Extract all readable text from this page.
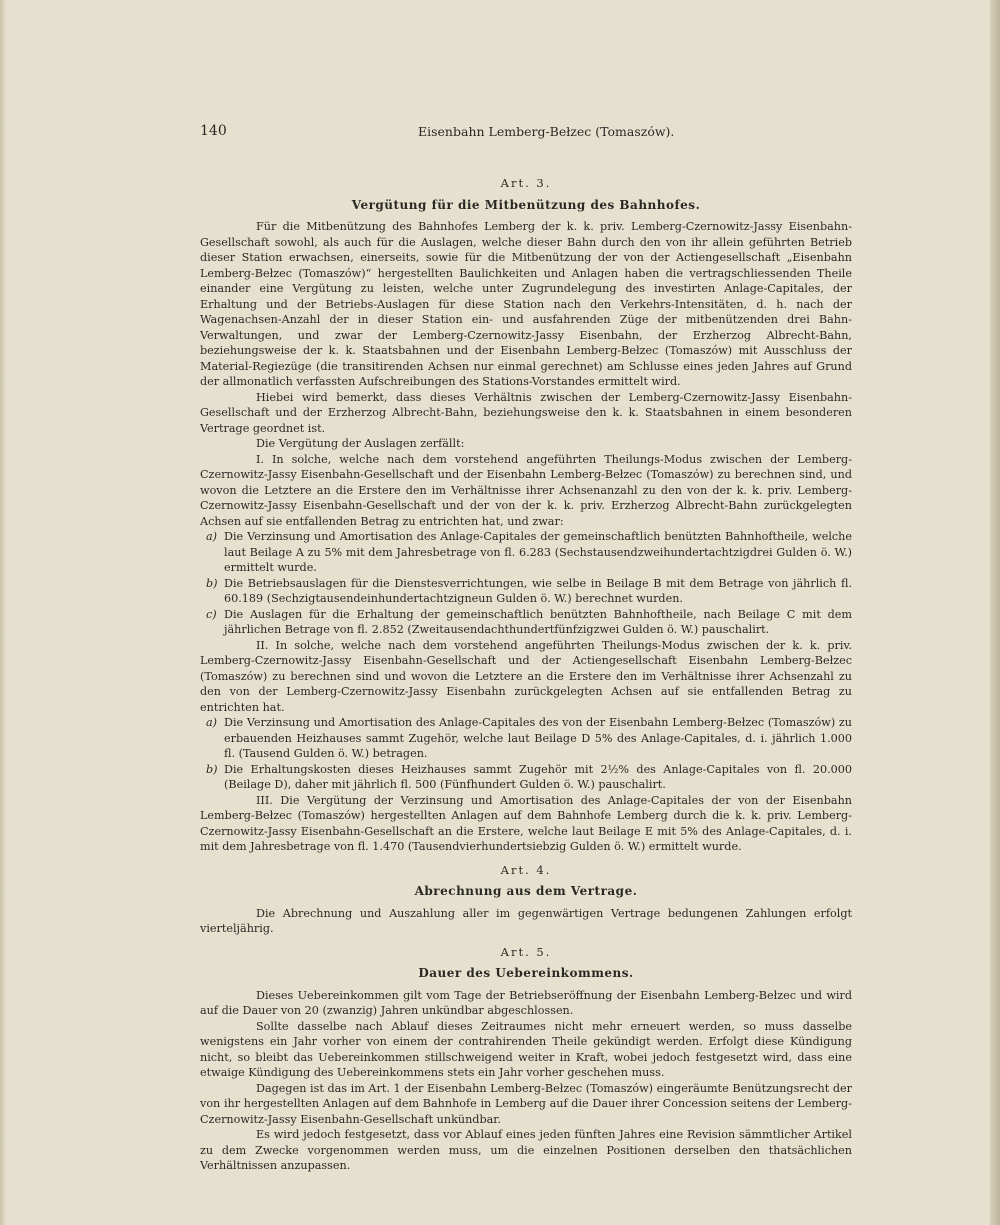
140	Eisenbahn Lemberg-Bełzec (Tomaszów).
Art. 3.
Vergütung für die Mitbenützung des Bahnhofes.

Für die Mitbenützung des Bahnhofes Lemberg der k. k. priv. Lemberg-Czernowitz-Jassy Eisenbahn-Gesellschaft sowohl, als auch für die Auslagen, welche dieser Bahn durch den von ihr allein geführten Betrieb dieser Station erwachsen, einerseits, sowie für die Mitbenützung der von der Actiengesellschaft „Eisenbahn Lemberg-Bełzec (Tomaszów)“ hergestellten Baulichkeiten und Anlagen haben die vertragschliessenden Theile einander eine Vergütung zu leisten, welche unter Zugrundelegung des investirten Anlage-Capitales, der Erhaltung und der Betriebs-Auslagen für diese Station nach den Verkehrs-Intensitäten, d. h. nach der Wagenachsen-Anzahl der in dieser Station ein- und ausfahrenden Züge der mitbenützenden drei Bahn-Verwaltungen, und zwar der Lemberg-Czernowitz-Jassy Eisenbahn, der Erzherzog Albrecht-Bahn, beziehungsweise der k. k. Staatsbahnen und der Eisenbahn Lemberg-Bełzec (Tomaszów) mit Ausschluss der Material-Regiezüge (die transitirenden Achsen nur einmal gerechnet) am Schlusse eines jeden Jahres auf Grund der allmonatlich verfassten Aufschreibungen des Stations-Vorstandes ermittelt wird.

Hiebei wird bemerkt, dass dieses Verhältnis zwischen der Lemberg-Czernowitz-Jassy Eisenbahn-Gesellschaft und der Erzherzog Albrecht-Bahn, beziehungsweise den k. k. Staatsbahnen in einem besonderen Vertrage geordnet ist.

Die Vergütung der Auslagen zerfällt:

I. In solche, welche nach dem vorstehend angeführten Theilungs-Modus zwischen der Lemberg-Czernowitz-Jassy Eisenbahn-Gesellschaft und der Eisenbahn Lemberg-Bełzec (Tomaszów) zu berechnen sind, und wovon die Letztere an die Erstere den im Verhältnisse ihrer Achsenanzahl zu den von der k. k. priv. Lemberg-Czernowitz-Jassy Eisenbahn-Gesellschaft und der von der k. k. priv. Erzherzog Albrecht-Bahn zurückgelegten Achsen auf sie entfallenden Betrag zu entrichten hat, und zwar:

a) Die Verzinsung und Amortisation des Anlage-Capitales der gemeinschaftlich benützten Bahnhoftheile, welche laut Beilage A zu 5% mit dem Jahresbetrage von fl. 6.283 (Sechstausendzweihundertachtzigdrei Gulden ö. W.) ermittelt wurde.
b) Die Betriebsauslagen für die Dienstesverrichtungen, wie selbe in Beilage B mit dem Betrage von jährlich fl. 60.189 (Sechzigtausendeinhundertachtzigneun Gulden ö. W.) berechnet wurden.
c) Die Auslagen für die Erhaltung der gemeinschaftlich benützten Bahnhoftheile, nach Beilage C mit dem jährlichen Betrage von fl. 2.852 (Zweitausendachthundertfünfzigzwei Gulden ö. W.) pauschalirt.

II. In solche, welche nach dem vorstehend angeführten Theilungs-Modus zwischen der k. k. priv. Lemberg-Czernowitz-Jassy Eisenbahn-Gesellschaft und der Actiengesellschaft Eisenbahn Lemberg-Bełzec (Tomaszów) zu berechnen sind und wovon die Letztere an die Erstere den im Verhältnisse ihrer Achsenzahl zu den von der Lemberg-Czernowitz-Jassy Eisenbahn zurückgelegten Achsen auf sie entfallenden Betrag zu entrichten hat.

a) Die Verzinsung und Amortisation des Anlage-Capitales des von der Eisenbahn Lemberg-Bełzec (Tomaszów) zu erbauenden Heizhauses sammt Zugehör, welche laut Beilage D 5% des Anlage-Capitales, d. i. jährlich 1.000 fl. (Tausend Gulden ö. W.) betragen.
b) Die Erhaltungskosten dieses Heizhauses sammt Zugehör mit 2½% des Anlage-Capitales von fl. 20.000 (Beilage D), daher mit jährlich fl. 500 (Fünfhundert Gulden ö. W.) pauschalirt.

III. Die Vergütung der Verzinsung und Amortisation des Anlage-Capitales der von der Eisenbahn Lemberg-Bełzec (Tomaszów) hergestellten Anlagen auf dem Bahnhofe Lemberg durch die k. k. priv. Lemberg-Czernowitz-Jassy Eisenbahn-Gesellschaft an die Erstere, welche laut Beilage E mit 5% des Anlage-Capitales, d. i. mit dem Jahresbetrage von fl. 1.470 (Tausendvierhundertsiebzig Gulden ö. W.) ermittelt wurde.

Art. 4.
Abrechnung aus dem Vertrage.

Die Abrechnung und Auszahlung aller im gegenwärtigen Vertrage bedungenen Zahlungen erfolgt vierteljährig.

Art. 5.
Dauer des Uebereinkommens.

Dieses Uebereinkommen gilt vom Tage der Betriebseröffnung der Eisenbahn Lemberg-Bełzec und wird auf die Dauer von 20 (zwanzig) Jahren unkündbar abgeschlossen.

Sollte dasselbe nach Ablauf dieses Zeitraumes nicht mehr erneuert werden, so muss dasselbe wenigstens ein Jahr vorher von einem der contrahirenden Theile gekündigt werden. Erfolgt diese Kündigung nicht, so bleibt das Uebereinkommen stillschweigend weiter in Kraft, wobei jedoch festgesetzt wird, dass eine etwaige Kündigung des Uebereinkommens stets ein Jahr vorher geschehen muss.

Dagegen ist das im Art. 1 der Eisenbahn Lemberg-Bełzec (Tomaszów) eingeräumte Benützungsrecht der von ihr hergestellten Anlagen auf dem Bahnhofe in Lemberg auf die Dauer ihrer Concession seitens der Lemberg-Czernowitz-Jassy Eisenbahn-Gesellschaft unkündbar.

Es wird jedoch festgesetzt, dass vor Ablauf eines jeden fünften Jahres eine Revision sämmtlicher Artikel zu dem Zwecke vorgenommen werden muss, um die einzelnen Positionen derselben den thatsächlichen Verhältnissen anzupassen.
